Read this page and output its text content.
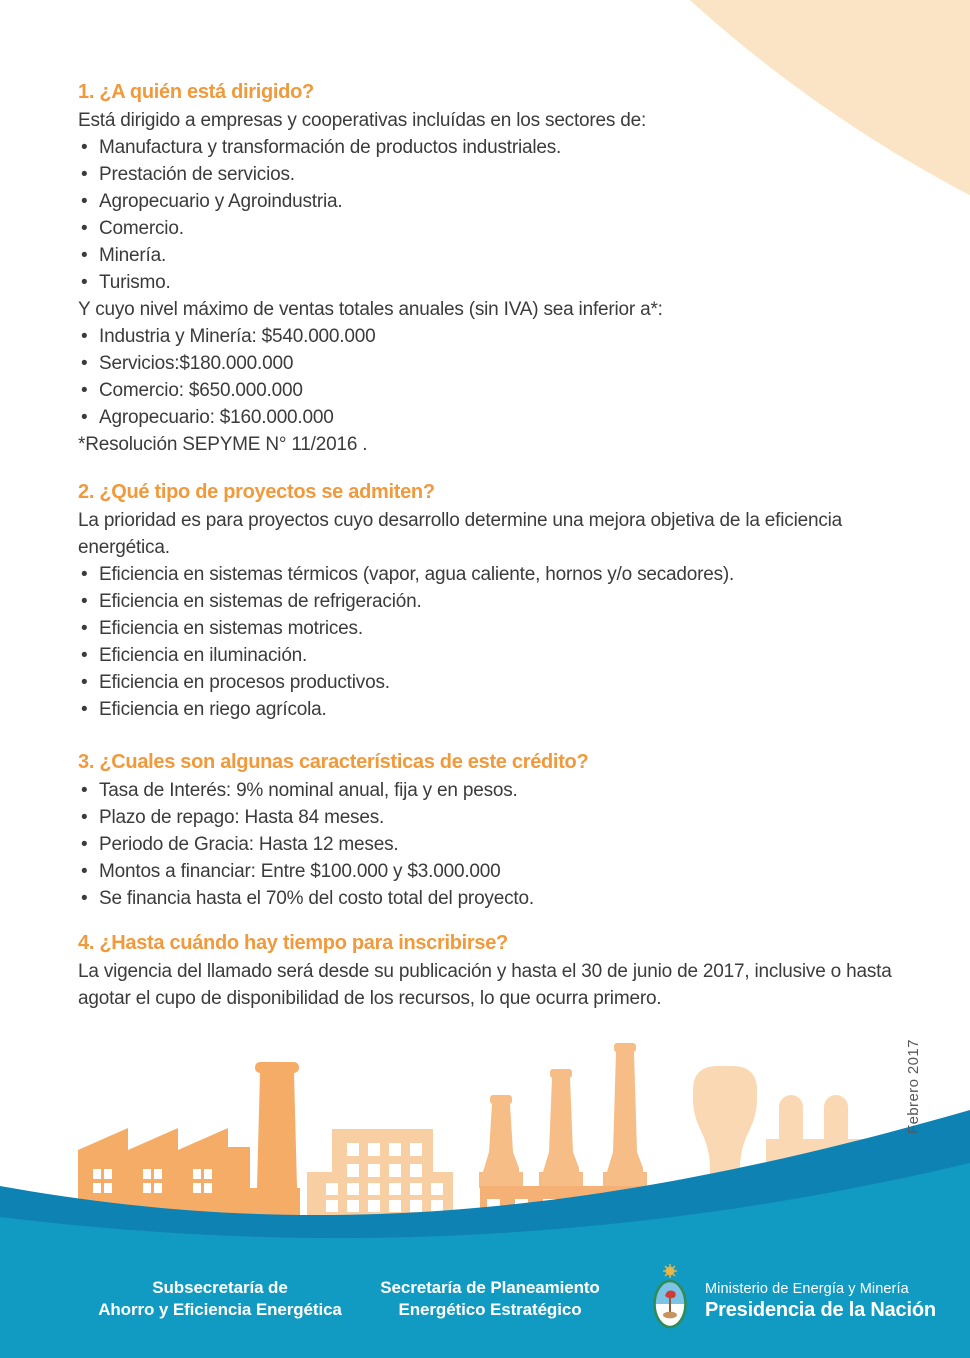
1. ¿A quién está dirigido?

Está dirigido a empresas y cooperativas incluídas en los sectores de:

• Manufactura y transformación de productos industriales.
• Prestación de servicios.
• Agropecuario y Agroindustria.
• Comercio.
• Minería.
• Turismo.

Y cuyo nivel máximo de ventas totales anuales (sin IVA) sea inferior a*:

• Industria y Minería: $540.000.000
• Servicios:$180.000.000
• Comercio: $650.000.000
• Agropecuario: $160.000.000

*Resolución SEPYME N° 11/2016 .

2. ¿Qué tipo de proyectos se admiten?

La prioridad es para proyectos cuyo desarrollo determine una mejora objetiva de la eficiencia energética.

• Eficiencia en sistemas térmicos (vapor, agua caliente, hornos y/o secadores).
• Eficiencia en sistemas de refrigeración.
• Eficiencia en sistemas motrices.
• Eficiencia en iluminación.
• Eficiencia en procesos productivos.
• Eficiencia en riego agrícola.
3. ¿Cuales son algunas características de este crédito?
• Tasa de Interés: 9% nominal anual, fija y en pesos.
• Plazo de repago: Hasta 84 meses.
• Periodo de Gracia: Hasta 12 meses.
• Montos a financiar: Entre $100.000 y $3.000.000
• Se financia hasta el 70% del costo total del proyecto.
4. ¿Hasta cuándo hay tiempo para inscribirse?

La vigencia del llamado será desde su publicación y hasta el 30 de junio de 2017, inclusive o hasta agotar el cupo de disponibilidad de los recursos, lo que ocurra primero.

Febrero 2017
Subsecretaría de
Ahorro y Eficiencia Energética
Secretaría de Planeamiento
Energético Estratégico
Ministerio de Energía y Minería
Presidencia de la Nación
